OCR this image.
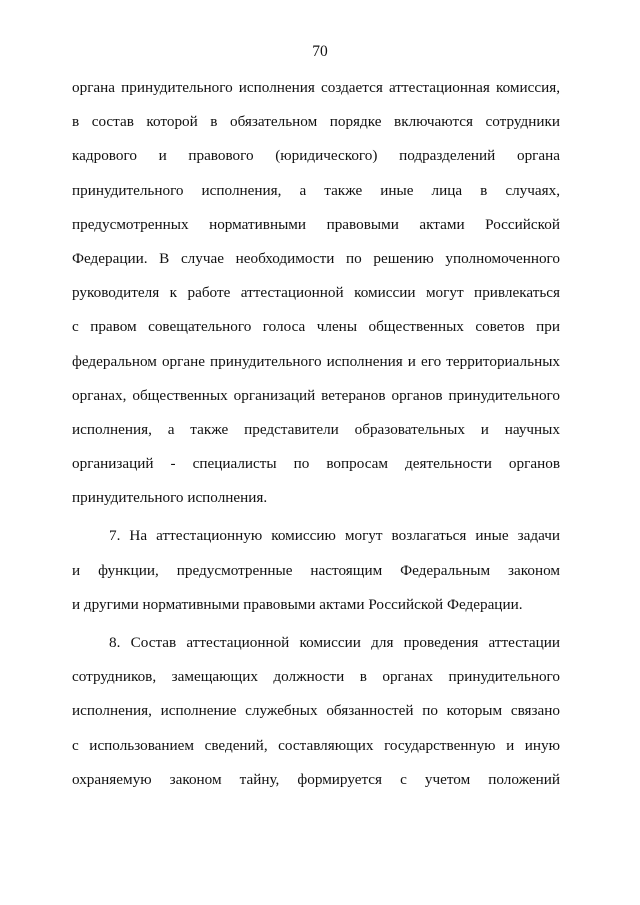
70
органа принудительного исполнения создается аттестационная комиссия,
в состав которой в обязательном порядке включаются сотрудники
кадрового и правового (юридического) подразделений органа
принудительного исполнения, а также иные лица в случаях,
предусмотренных нормативными правовыми актами Российской
Федерации. В случае необходимости по решению уполномоченного
руководителя к работе аттестационной комиссии могут привлекаться
с правом совещательного голоса члены общественных советов при
федеральном органе принудительного исполнения и его территориальных
органах, общественных организаций ветеранов органов принудительного
исполнения, а также представители образовательных и научных
организаций - специалисты по вопросам деятельности органов
принудительного исполнения.
7. На аттестационную комиссию могут возлагаться иные задачи
и функции, предусмотренные настоящим Федеральным законом
и другими нормативными правовыми актами Российской Федерации.
8. Состав аттестационной комиссии для проведения аттестации
сотрудников, замещающих должности в органах принудительного
исполнения, исполнение служебных обязанностей по которым связано
с использованием сведений, составляющих государственную и иную
охраняемую законом тайну, формируется с учетом положений
